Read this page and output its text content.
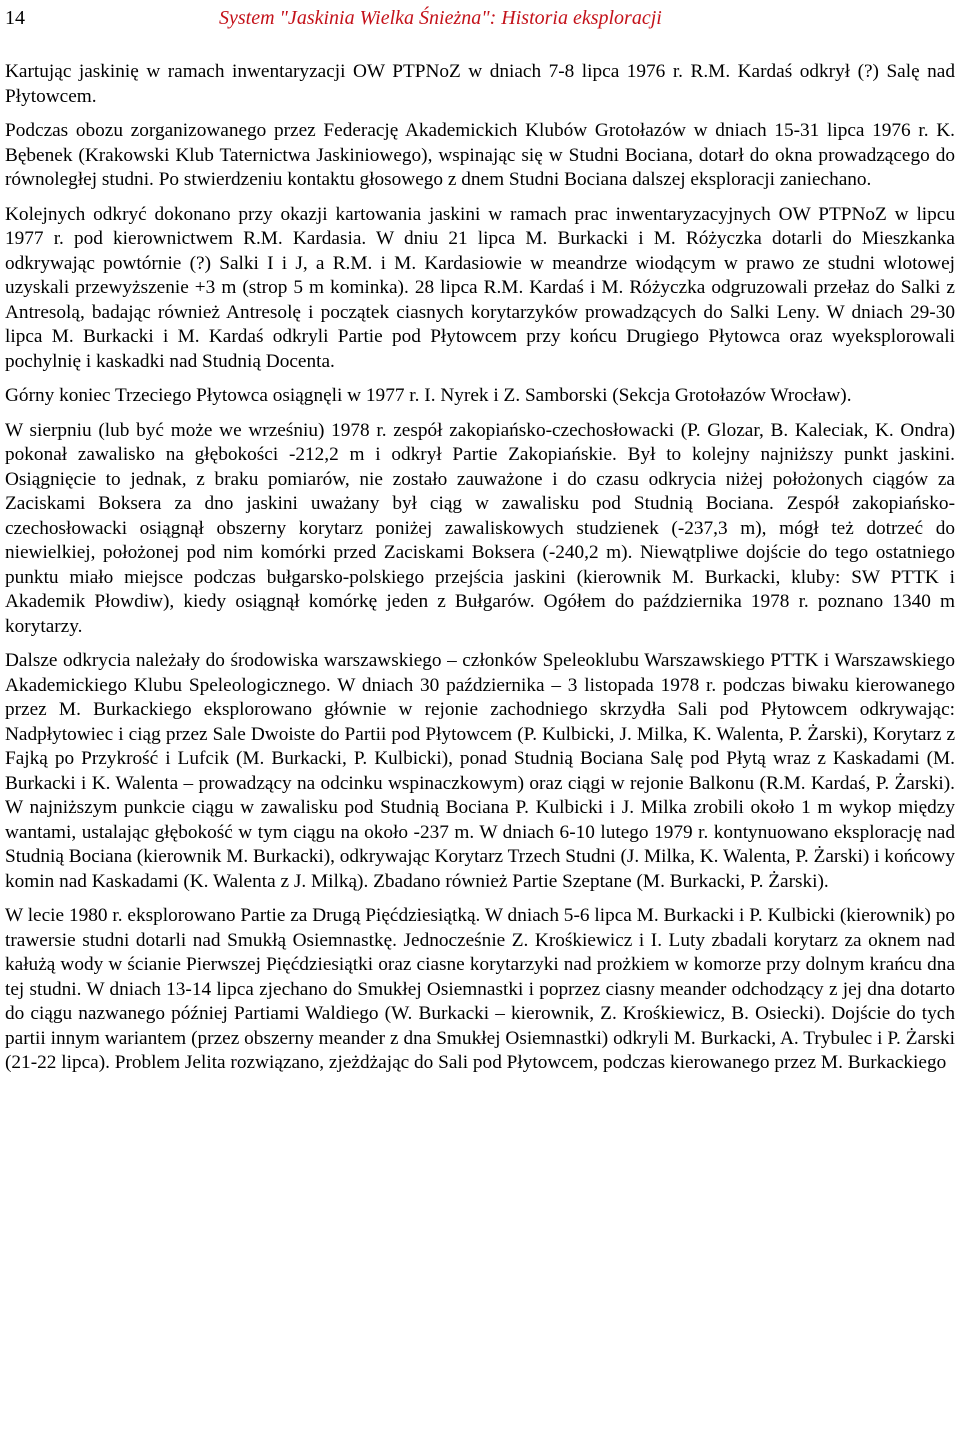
14	System "Jaskinia Wielka Śnieżna": Historia eksploracji

Kartując jaskinię w ramach inwentaryzacji OW PTPNoZ w dniach 7-8 lipca 1976 r. R.M. Kardaś odkrył (?) Salę nad Płytowcem.

Podczas obozu zorganizowanego przez Federację Akademickich Klubów Grotołazów w dniach 15-31 lipca 1976 r. K. Bębenek (Krakowski Klub Taternictwa Jaskiniowego), wspinając się w Studni Bociana, dotarł do okna prowadzącego do równoległej studni. Po stwierdzeniu kontaktu głosowego z dnem Studni Bociana dalszej eksploracji zaniechano.

Kolejnych odkryć dokonano przy okazji kartowania jaskini w ramach prac inwentaryzacyjnych OW PTPNoZ w lipcu 1977 r. pod kierownictwem R.M. Kardasia. W dniu 21 lipca M. Burkacki i M. Różyczka dotarli do Mieszkanka odkrywając powtórnie (?) Salki I i J, a R.M. i M. Kardasiowie w meandrze wiodącym w prawo ze studni wlotowej uzyskali przewyższenie +3 m (strop 5 m kominka). 28 lipca R.M. Kardaś i M. Różyczka odgruzowali przełaz do Salki z Antresolą, badając również Antresolę i początek ciasnych korytarzyków prowadzących do Salki Leny. W dniach 29-30 lipca M. Burkacki i M. Kardaś odkryli Partie pod Płytowcem przy końcu Drugiego Płytowca oraz wyeksplorowali pochylnię i kaskadki nad Studnią Docenta.

Górny koniec Trzeciego Płytowca osiągnęli w 1977 r. I. Nyrek i Z. Samborski (Sekcja Grotołazów Wrocław).

W sierpniu (lub być może we wrześniu) 1978 r. zespół zakopiańsko-czechosłowacki (P. Glozar, B. Kaleciak, K. Ondra) pokonał zawalisko na głębokości -212,2 m i odkrył Partie Zakopiańskie. Był to kolejny najniższy punkt jaskini. Osiągnięcie to jednak, z braku pomiarów, nie zostało zauważone i do czasu odkrycia niżej położonych ciągów za Zaciskami Boksera za dno jaskini uważany był ciąg w zawalisku pod Studnią Bociana. Zespół zakopiańsko-czechosłowacki osiągnął obszerny korytarz poniżej zawaliskowych studzienek (-237,3 m), mógł też dotrzeć do niewielkiej, położonej pod nim komórki przed Zaciskami Boksera (-240,2 m). Niewątpliwe dojście do tego ostatniego punktu miało miejsce podczas bułgarsko-polskiego przejścia jaskini (kierownik M. Burkacki, kluby: SW PTTK i Akademik Płowdiw), kiedy osiągnął komórkę jeden z Bułgarów. Ogółem do października 1978 r. poznano 1340 m korytarzy.

Dalsze odkrycia należały do środowiska warszawskiego – członków Speleoklubu Warszawskiego PTTK i Warszawskiego Akademickiego Klubu Speleologicznego. W dniach 30 października – 3 listopada 1978 r. podczas biwaku kierowanego przez M. Burkackiego eksplorowano głównie w rejonie zachodniego skrzydła Sali pod Płytowcem odkrywając: Nadpłytowiec i ciąg przez Sale Dwoiste do Partii pod Płytowcem (P. Kulbicki, J. Milka, K. Walenta, P. Żarski), Korytarz z Fajką po Przykrość i Lufcik (M. Burkacki, P. Kulbicki), ponad Studnią Bociana Salę pod Płytą wraz z Kaskadami (M. Burkacki i K. Walenta – prowadzący na odcinku wspinaczkowym) oraz ciągi w rejonie Balkonu (R.M. Kardaś, P. Żarski). W najniższym punkcie ciągu w zawalisku pod Studnią Bociana P. Kulbicki i J. Milka zrobili około 1 m wykop między wantami, ustalając głębokość w tym ciągu na około -237 m. W dniach 6-10 lutego 1979 r. kontynuowano eksplorację nad Studnią Bociana (kierownik M. Burkacki), odkrywając Korytarz Trzech Studni (J. Milka, K. Walenta, P. Żarski) i końcowy komin nad Kaskadami (K. Walenta z J. Milką). Zbadano również Partie Szeptane (M. Burkacki, P. Żarski).

W lecie 1980 r. eksplorowano Partie za Drugą Pięćdziesiątką. W dniach 5-6 lipca M. Burkacki i P. Kulbicki (kierownik) po trawersie studni dotarli nad Smukłą Osiemnastkę. Jednocześnie Z. Krośkiewicz i I. Luty zbadali korytarz za oknem nad kałużą wody w ścianie Pierwszej Pięćdziesiątki oraz ciasne korytarzyki nad prożkiem w komorze przy dolnym krańcu dna tej studni. W dniach 13-14 lipca zjechano do Smukłej Osiemnastki i poprzez ciasny meander odchodzący z jej dna dotarto do ciągu nazwanego później Partiami Waldiego (W. Burkacki – kierownik, Z. Krośkiewicz, B. Osiecki). Dojście do tych partii innym wariantem (przez obszerny meander z dna Smukłej Osiemnastki) odkryli M. Burkacki, A. Trybulec i P. Żarski (21-22 lipca). Problem Jelita rozwiązano, zjeżdżając do Sali pod Płytowcem, podczas kierowanego przez M. Burkackiego
